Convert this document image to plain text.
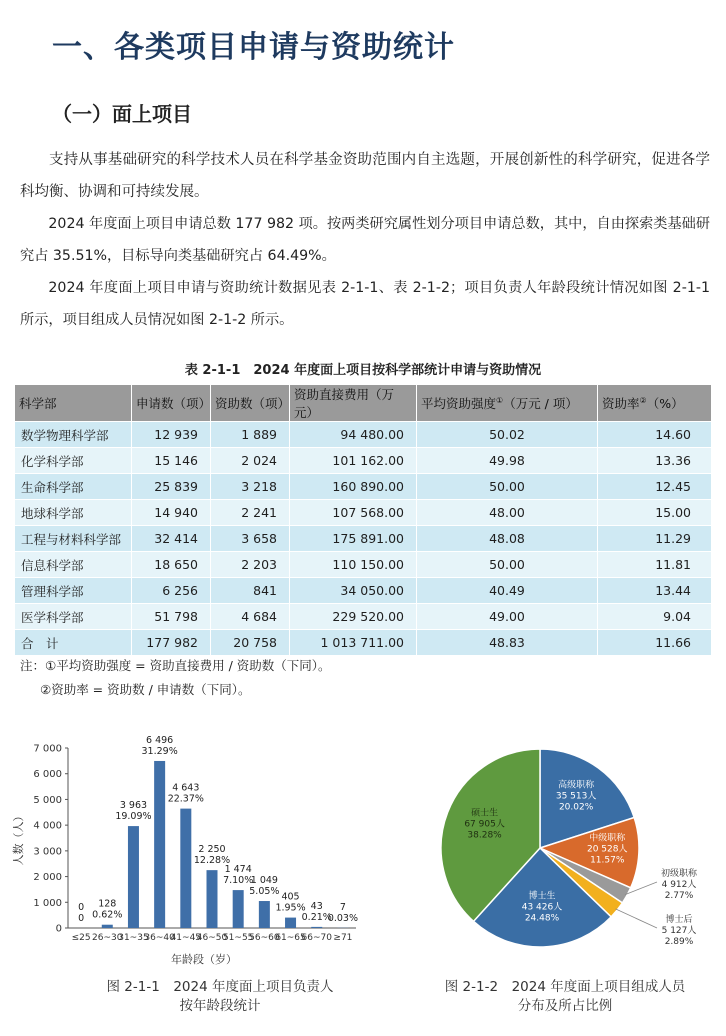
一、各类项目申请与资助统计
（一）面上项目

支持从事基础研究的科学技术人员在科学基金资助范围内自主选题，开展创新性的科学研究，促进各学科均衡、协调和可持续发展。

2024 年度面上项目申请总数 177 982 项。按两类研究属性划分项目申请总数，其中，自由探索类基础研究占 35.51%，目标导向类基础研究占 64.49%。

2024 年度面上项目申请与资助统计数据见表 2-1-1、表 2-1-2；项目负责人年龄段统计情况如图 2-1-1 所示，项目组成人员情况如图 2-1-2 所示。

表 2-1-1　2024 年度面上项目按科学部统计申请与资助情况

科学部	申请数（项）	资助数（项）	资助直接费用（万元）	平均资助强度①（万元 / 项）	资助率②（%）
数学物理科学部	12 939	1 889	94 480.00	50.02	14.60
化学科学部	15 146	2 024	101 162.00	49.98	13.36
生命科学部	25 839	3 218	160 890.00	50.00	12.45
地球科学部	14 940	2 241	107 568.00	48.00	15.00
工程与材料科学部	32 414	3 658	175 891.00	48.08	11.29
信息科学部	18 650	2 203	110 150.00	50.00	11.81
管理科学部	6 256	841	34 050.00	40.49	13.44
医学科学部	51 798	4 684	229 520.00	49.00	9.04
合　计	177 982	20 758	1 013 711.00	48.83	11.66

注：①平均资助强度 = 资助直接费用 / 资助数（下同）。

②资助率 = 资助数 / 申请数（下同）。

0
1 000
2 000
3 000
4 000
5 000
6 000
7 000
人数（人）
≤25
0
0
26~30
128
0.62%
31~35
3 963
19.09%
36~40
6 496
31.29%
41~45
4 643
22.37%
46~50
2 250
12.28%
51~55
1 474
7.10%
56~60
1 049
5.05%
61~65
405
1.95%
66~70
43
0.21%
≥71
7
0.03%
年龄段（岁）
高级职称
35 513人
20.02%
中级职称
20 528人
11.57%
初级职称
4 912人
2.77%
博士后
5 127人
2.89%
博士生
43 426人
24.48%
硕士生
67 905人
38.28%
图 2-1-1　2024 年度面上项目负责人
按年龄段统计
图 2-1-2　2024 年度面上项目组成人员
分布及所占比例
